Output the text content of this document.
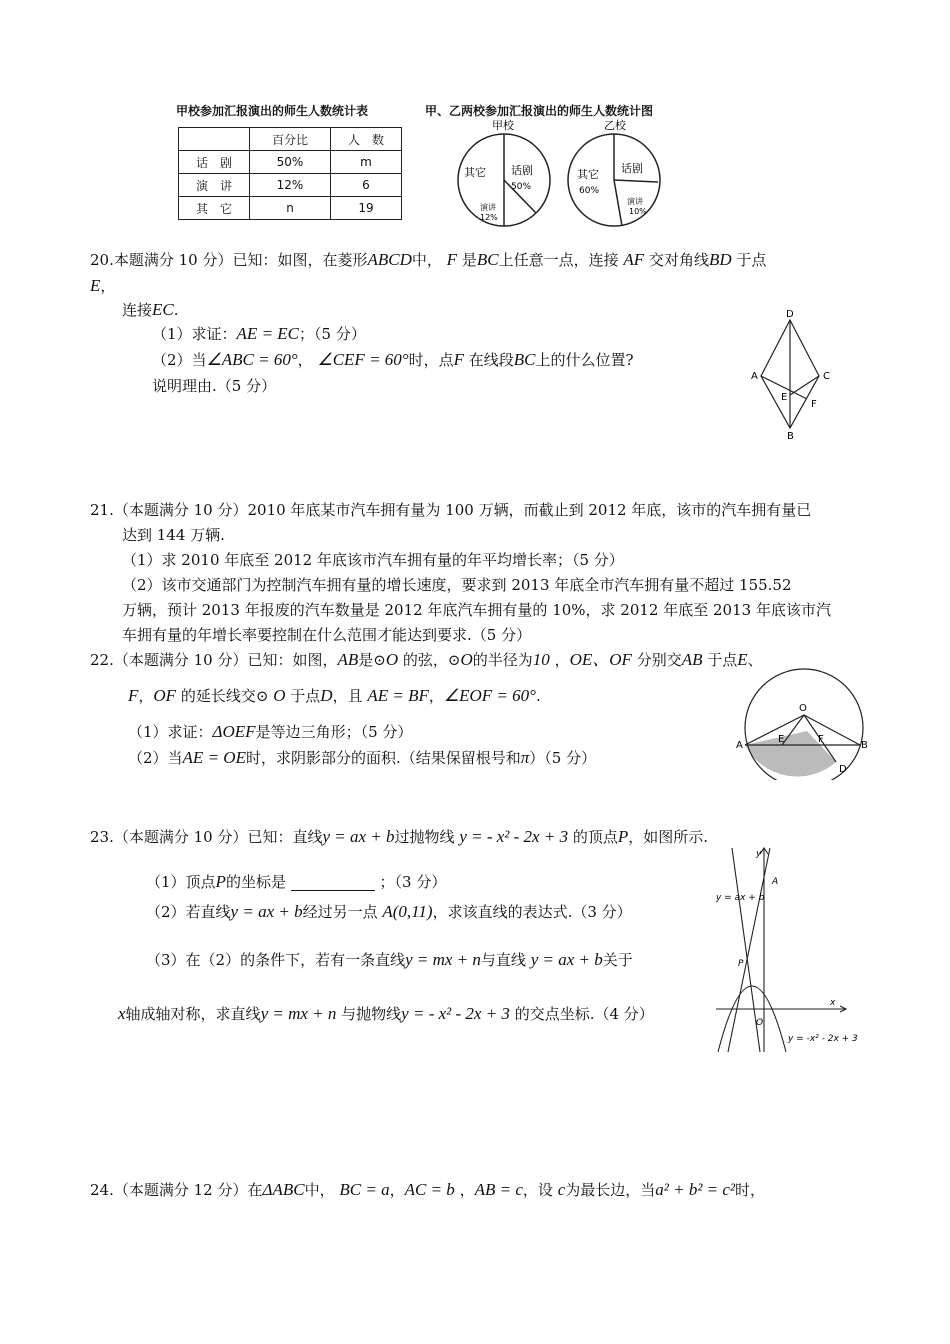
甲校参加汇报演出的师生人数统计表
	百分比	人　数
话　剧	50%	m
演　讲	12%	6
其　它	n	19
甲、乙两校参加汇报演出的师生人数统计图
甲校
其它 话剧
50%
演讲
12%
乙校
其它
60%
话剧
演讲
10%
20.本题满分 10 分）已知：如图，在菱形ABCD中， F 是BC上任意一点，连接 AF 交对角线BD 于点
E，
连接EC.
（1）求证：AE = EC；（5 分）
（2）当∠ABC = 60°， ∠CEF = 60°时，点F 在线段BC上的什么位置?
说明理由.（5 分）
D
A	C
E
F
B
21.（本题满分 10 分）2010 年底某市汽车拥有量为 100 万辆，而截止到 2012 年底，该市的汽车拥有量已
达到 144 万辆.
（1）求 2010 年底至 2012 年底该市汽车拥有量的年平均增长率；（5 分）
（2）该市交通部门为控制汽车拥有量的增长速度，要求到 2013 年底全市汽车拥有量不超过 155.52
万辆，预计 2013 年报废的汽车数量是 2012 年底汽车拥有量的 10%，求 2012 年底至 2013 年底该市汽
车拥有量的年增长率要控制在什么范围才能达到要求.（5 分）
22.（本题满分 10 分）已知：如图，AB是⊙O 的弦，⊙O的半径为10 ，OE、OF 分别交AB 于点E、
F，OF 的延长线交⊙ O 于点D，且 AE = BF，∠EOF = 60°.
（1）求证：ΔOEF是等边三角形；（5 分）
（2）当AE = OE时，求阴影部分的面积.（结果保留根号和π）（5 分）
O
A
E	F
B
D
23.（本题满分 10 分）已知：直线y = ax + b过抛物线 y = - x² - 2x + 3 的顶点P，如图所示.
（1）顶点P的坐标是	；（3 分）
（2）若直线y = ax + b经过另一点 A(0,11)，求该直线的表达式.（3 分）
（3）在（2）的条件下，若有一条直线y = mx + n与直线 y = ax + b关于
x轴成轴对称，求直线y = mx + n 与抛物线y = - x² - 2x + 3 的交点坐标.（4 分）
y
A
y = ax + b
P
x
O
y = -x² - 2x + 3
24.（本题满分 12 分）在ΔABC中， BC = a，AC = b ，AB = c，设 c为最长边，当a² + b² = c²时，
